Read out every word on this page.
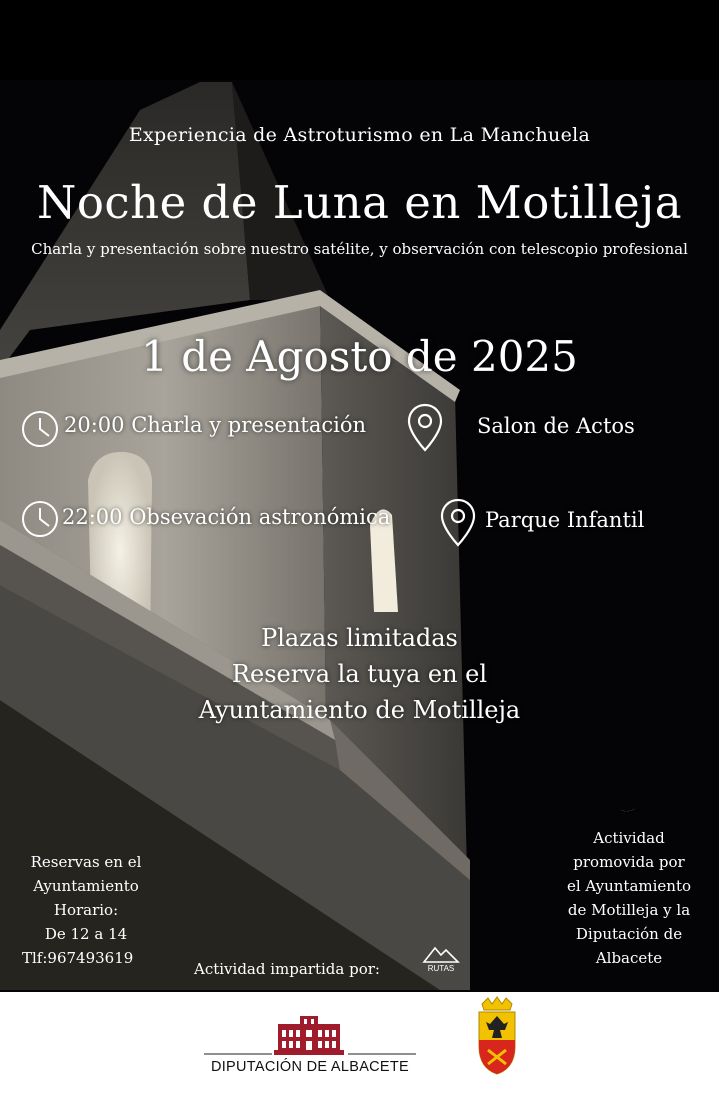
Experiencia de Astroturismo en La Manchuela
Noche de Luna en Motilleja
Charla y presentación sobre nuestro satélite, y observación con telescopio profesional
1 de Agosto de 2025
20:00 Charla y presentación	Salon de Actos
22:00 Obsevación astronómica	Parque Infantil
Plazas limitadas
Reserva la tuya en el
Ayuntamiento de Motilleja
Reservas en el
Ayuntamiento
Horario:
De 12 a 14
Tlf:967493619
Actividad
promovida por
el Ayuntamiento
de Motilleja y la
Diputación de
Albacete
Actividad impartida por:	RUTAS
DIPUTACIÓN DE ALBACETE
